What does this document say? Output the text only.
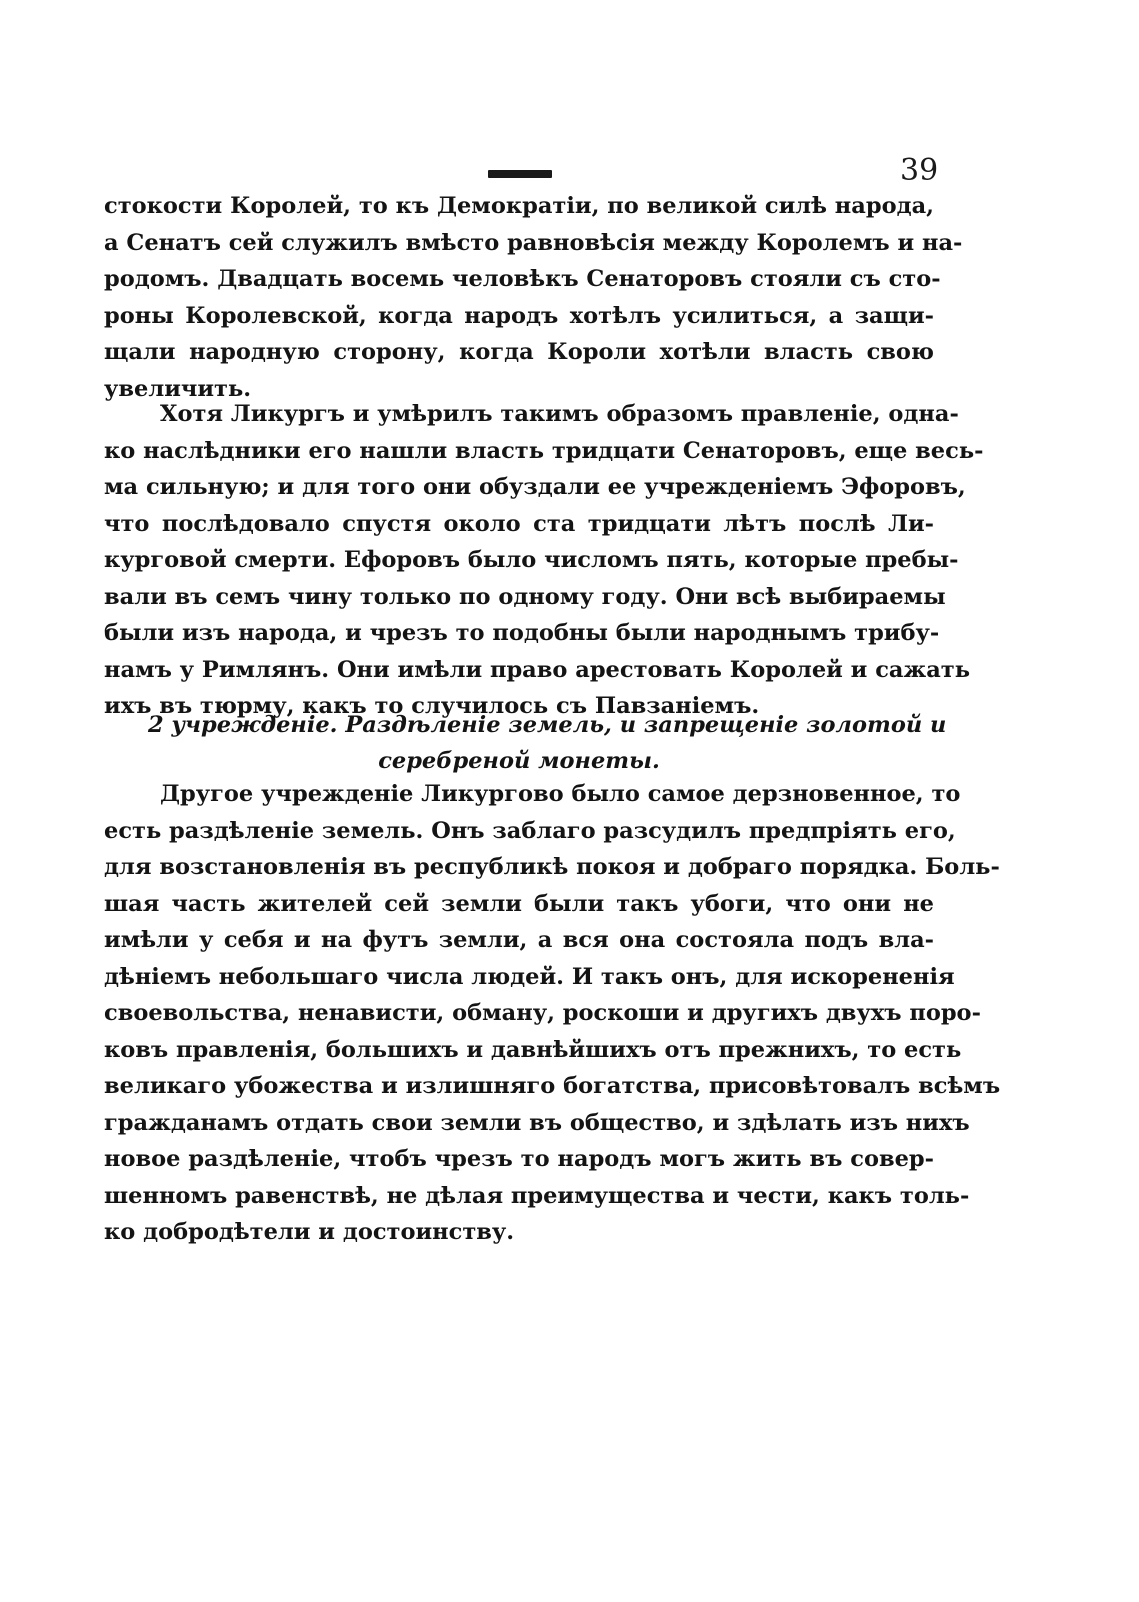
39
стокости Королей, то къ Демократіи, по великой силѣ народа,
а Сенатъ сей служилъ вмѣсто равновѣсія между Королемъ и на-
родомъ. Двадцать восемь человѣкъ Сенаторовъ стояли съ сто-
роны Королевской, когда народъ хотѣлъ усилиться, а защи-
щали народную сторону, когда Короли хотѣли власть свою
увеличить.
Хотя Ликургъ и умѣрилъ такимъ образомъ правленіе, одна-
ко наслѣдники его нашли власть тридцати Сенаторовъ, еще весь-
ма сильную; и для того они обуздали ее учрежденіемъ Эфоровъ,
что послѣдовало спустя около ста тридцати лѣтъ послѣ Ли-
курговой смерти. Ефоровъ было числомъ пять, которые пребы-
вали въ семъ чину только по одному году. Они всѣ выбираемы
были изъ народа, и чрезъ то подобны были народнымъ трибу-
намъ у Римлянъ. Они имѣли право арестовать Королей и сажать
ихъ въ тюрму, какъ то случилось съ Павзаніемъ.
2 учрежденіе. Раздѣленіе земель, и запрещеніе золотой и
серебреной монеты.
Другое учрежденіе Ликургово было самое дерзновенное, то
есть раздѣленіе земель. Онъ заблаго разсудилъ предпріять его,
для возстановленія въ республикѣ покоя и добраго порядка. Боль-
шая часть жителей сей земли были такъ убоги, что они не
имѣли у себя и на футъ земли, а вся она состояла подъ вла-
дѣніемъ небольшаго числа людей. И такъ онъ, для искорененія
своевольства, ненависти, обману, роскоши и другихъ двухъ поро-
ковъ правленія, большихъ и давнѣйшихъ отъ прежнихъ, то есть
великаго убожества и излишняго богатства, присовѣтовалъ всѣмъ
гражданамъ отдать свои земли въ общество, и здѣлать изъ нихъ
новое раздѣленіе, чтобъ чрезъ то народъ могъ жить въ совер-
шенномъ равенствѣ, не дѣлая преимущества и чести, какъ толь-
ко добродѣтели и достоинству.
